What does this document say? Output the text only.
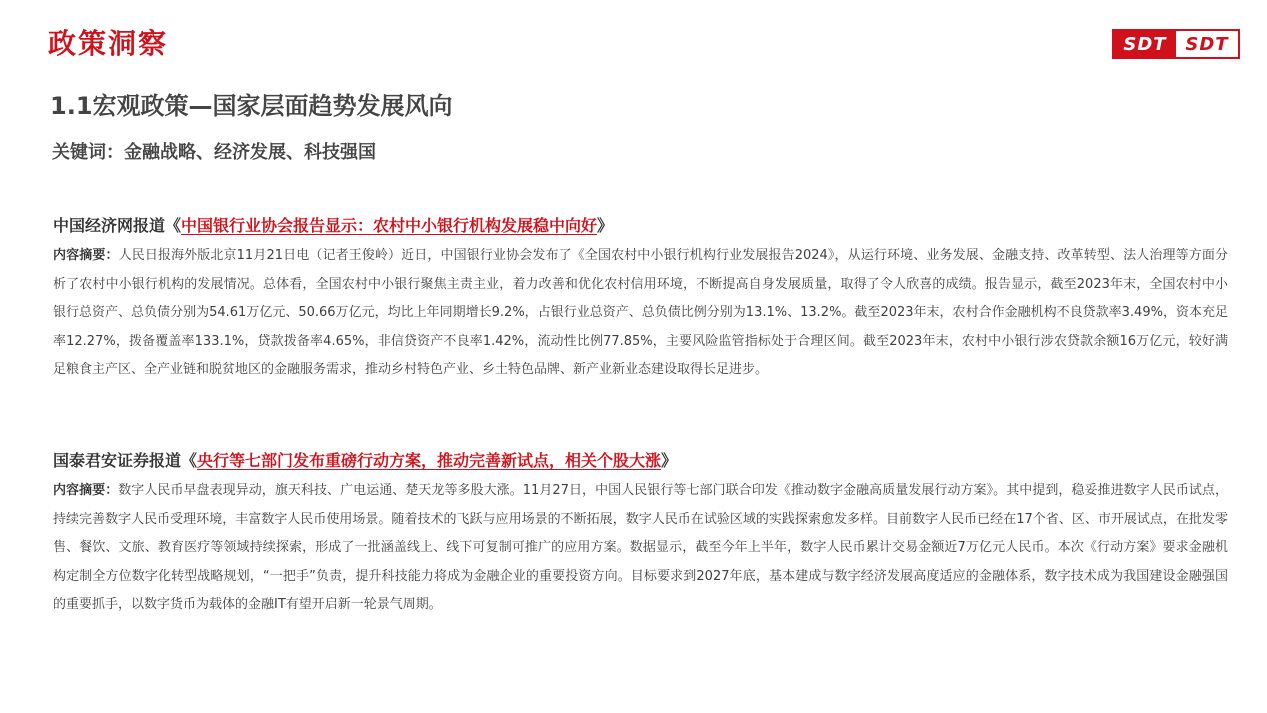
政策洞察	SDT	SDT
1.1宏观政策—国家层面趋势发展风向
关键词：金融战略、经济发展、科技强国
中国经济网报道《中国银行业协会报告显示：农村中小银行机构发展稳中向好》
内容摘要：人民日报海外版北京11月21日电（记者王俊岭）近日，中国银行业协会发布了《全国农村中小银行机构行业发展报告2024》，从运行环境、业务发展、金融支持、改革转型、法人治理等方面分析了农村中小银行机构的发展情况。总体看，全国农村中小银行聚焦主责主业，着力改善和优化农村信用环境，不断提高自身发展质量，取得了令人欣喜的成绩。报告显示，截至2023年末，全国农村中小银行总资产、总负债分别为54.61万亿元、50.66万亿元，均比上年同期增长9.2%，占银行业总资产、总负债比例分别为13.1%、13.2%。截至2023年末，农村合作金融机构不良贷款率3.49%，资本充足率12.27%，拨备覆盖率133.1%，贷款拨备率4.65%，非信贷资产不良率1.42%，流动性比例77.85%，主要风险监管指标处于合理区间。截至2023年末，农村中小银行涉农贷款余额16万亿元，较好满足粮食主产区、全产业链和脱贫地区的金融服务需求，推动乡村特色产业、乡土特色品牌、新产业新业态建设取得长足进步。
国泰君安证券报道《央行等七部门发布重磅行动方案，推动完善新试点，相关个股大涨》
内容摘要：数字人民币早盘表现异动，旗天科技、广电运通、楚天龙等多股大涨。11月27日，中国人民银行等七部门联合印发《推动数字金融高质量发展行动方案》。其中提到，稳妥推进数字人民币试点，持续完善数字人民币受理环境，丰富数字人民币使用场景。随着技术的飞跃与应用场景的不断拓展，数字人民币在试验区域的实践探索愈发多样。目前数字人民币已经在17个省、区、市开展试点，在批发零售、餐饮、文旅、教育医疗等领域持续探索，形成了一批涵盖线上、线下可复制可推广的应用方案。数据显示，截至今年上半年，数字人民币累计交易金额近7万亿元人民币。本次《行动方案》要求金融机构定制全方位数字化转型战略规划，“一把手”负责，提升科技能力将成为金融企业的重要投资方向。目标要求到2027年底，基本建成与数字经济发展高度适应的金融体系，数字技术成为我国建设金融强国的重要抓手，以数字货币为载体的金融IT有望开启新一轮景气周期。
